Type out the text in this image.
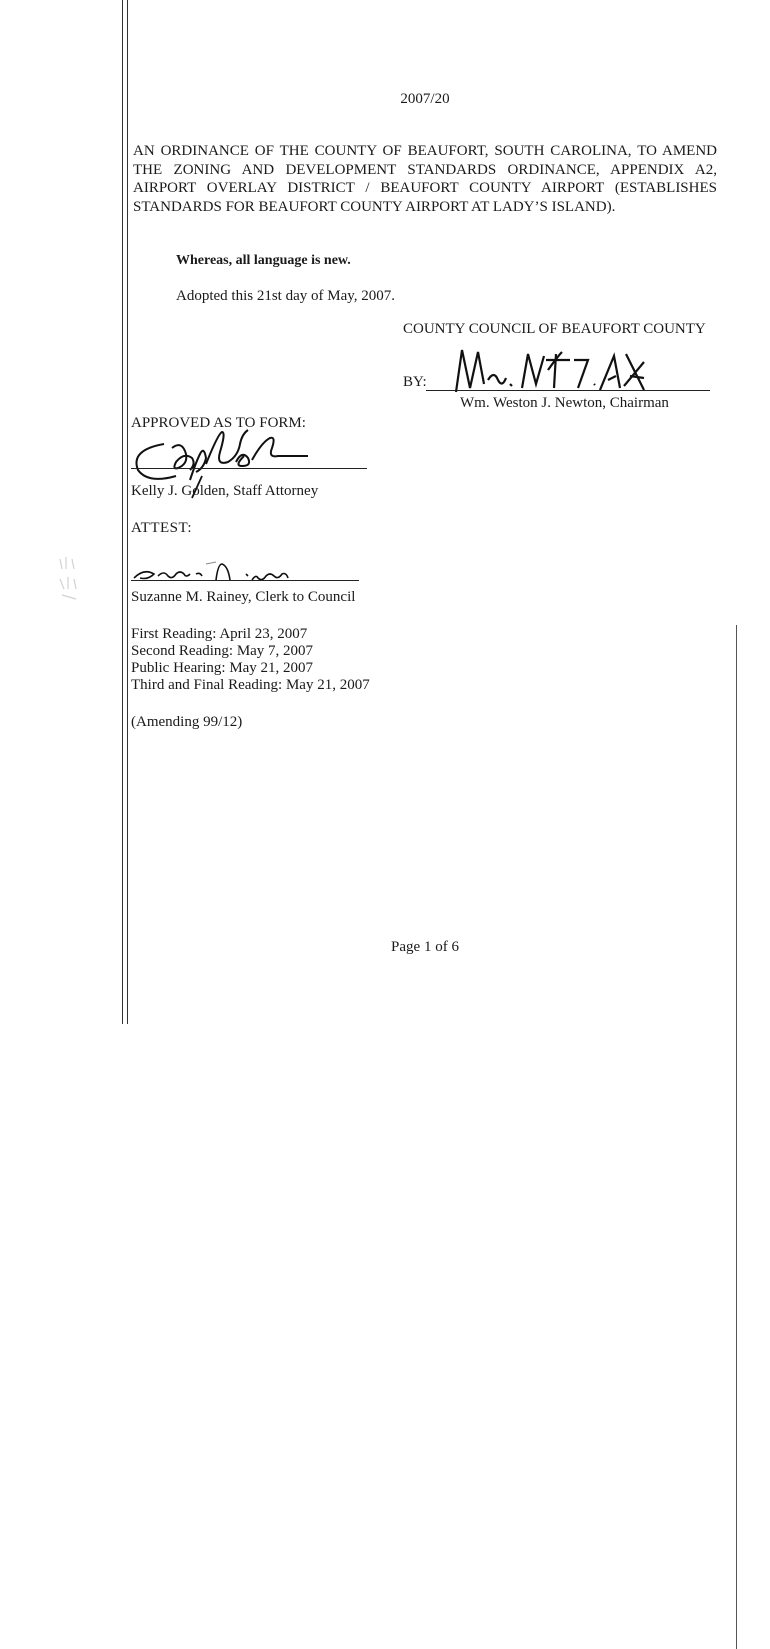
2007/20
AN ORDINANCE OF THE COUNTY OF BEAUFORT, SOUTH CAROLINA, TO AMEND THE ZONING AND DEVELOPMENT STANDARDS ORDINANCE, APPENDIX A2, AIRPORT OVERLAY DISTRICT / BEAUFORT COUNTY AIRPORT (ESTABLISHES STANDARDS FOR BEAUFORT COUNTY AIRPORT AT LADY’S ISLAND).
Whereas, all language is new.
Adopted this 21st day of May, 2007.
COUNTY COUNCIL OF BEAUFORT COUNTY
BY:
Wm. Weston J. Newton, Chairman
APPROVED AS TO FORM:
Kelly J. Golden, Staff Attorney
ATTEST:
Suzanne M. Rainey, Clerk to Council
First Reading: April 23, 2007
Second Reading: May 7, 2007
Public Hearing: May 21, 2007
Third and Final Reading: May 21, 2007
(Amending 99/12)
Page 1 of 6
